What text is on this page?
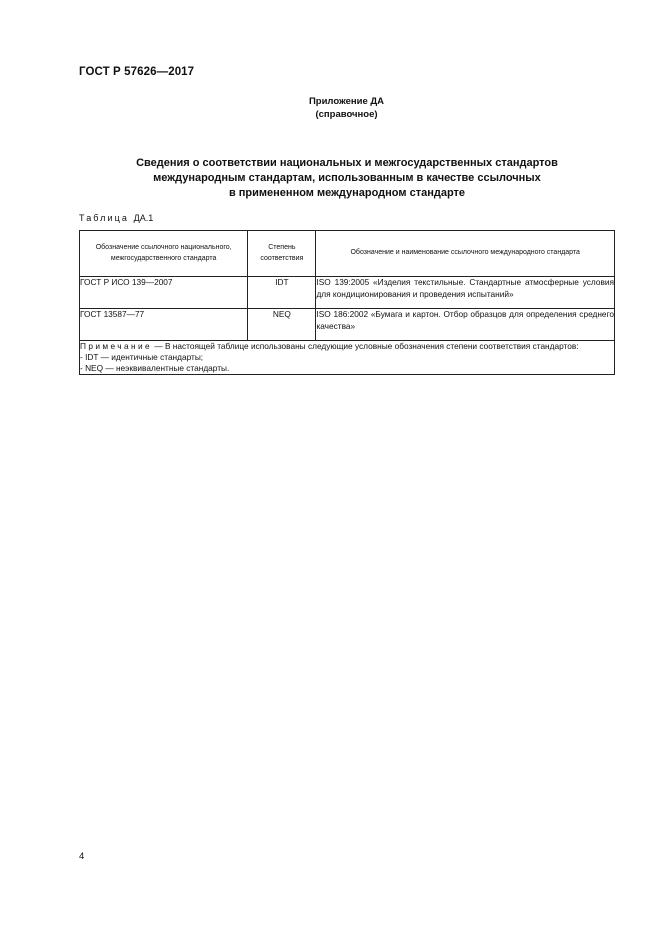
ГОСТ Р 57626—2017
Приложение ДА
(справочное)
Сведения о соответствии национальных и межгосударственных стандартов
международным стандартам, использованным в качестве ссылочных
в примененном международном стандарте
Таблица ДА.1
Обозначение ссылочного национального, межгосударственного стандарта	Степень соответствия	Обозначение и наименование ссылочного международного стандарта
ГОСТ Р ИСО 139—2007	IDT	ISO 139:2005 «Изделия текстильные. Стандартные атмосферные условия для кондиционирования и проведения испытаний»
ГОСТ 13587—77	NEQ	ISO 186:2002 «Бумага и картон. Отбор образцов для определения среднего качества»

Примечание — В настоящей таблице использованы следующие условные обозначения степени соответствия стандартов:
- IDT — идентичные стандарты;
- NEQ — неэквивалентные стандарты.		
4
